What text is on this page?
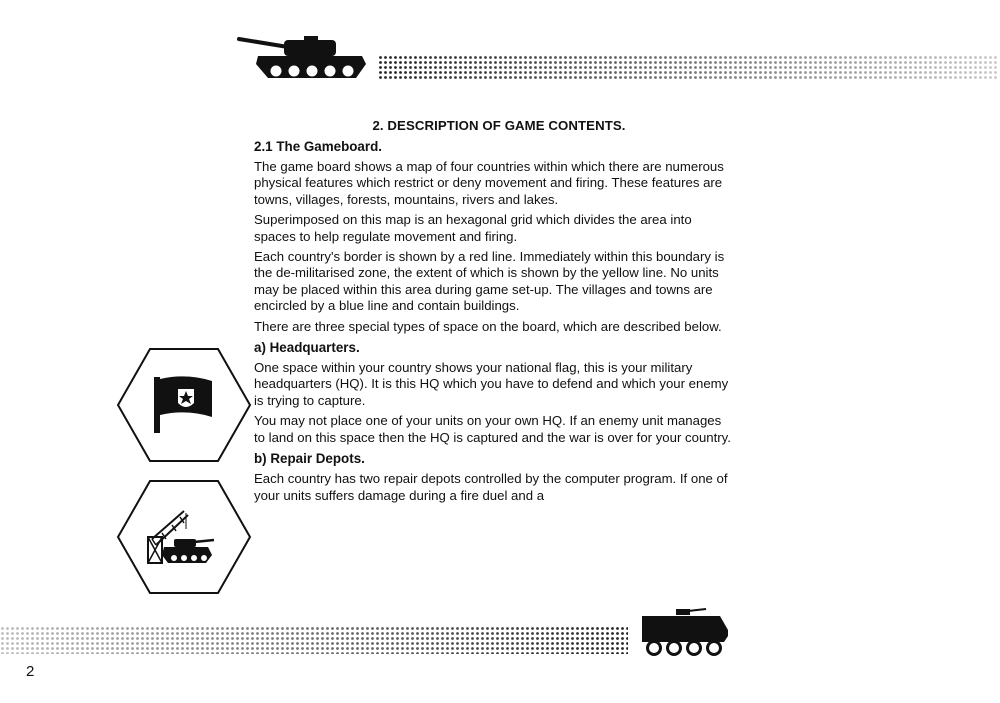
2. DESCRIPTION OF GAME CONTENTS.
2.1 The Gameboard.

The game board shows a map of four countries within which there are numerous physical features which restrict or deny movement and firing. These features are towns, villages, forests, mountains, rivers and lakes.

Superimposed on this map is an hexagonal grid which divides the area into spaces to help regulate movement and firing.

Each country's border is shown by a red line. Immediately within this boundary is the de-militarised zone, the extent of which is shown by the yellow line. No units may be placed within this area during game set-up. The villages and towns are encircled by a blue line and contain buildings.

There are three special types of space on the board, which are described below.

a) Headquarters.

One space within your country shows your national flag, this is your military headquarters (HQ). It is this HQ which you have to defend and which your enemy is trying to capture.

You may not place one of your units on your own HQ. If an enemy unit manages to land on this space then the HQ is captured and the war is over for your country.

b) Repair Depots.

Each country has two repair depots controlled by the computer program. If one of your units suffers damage during a fire duel and a

2
